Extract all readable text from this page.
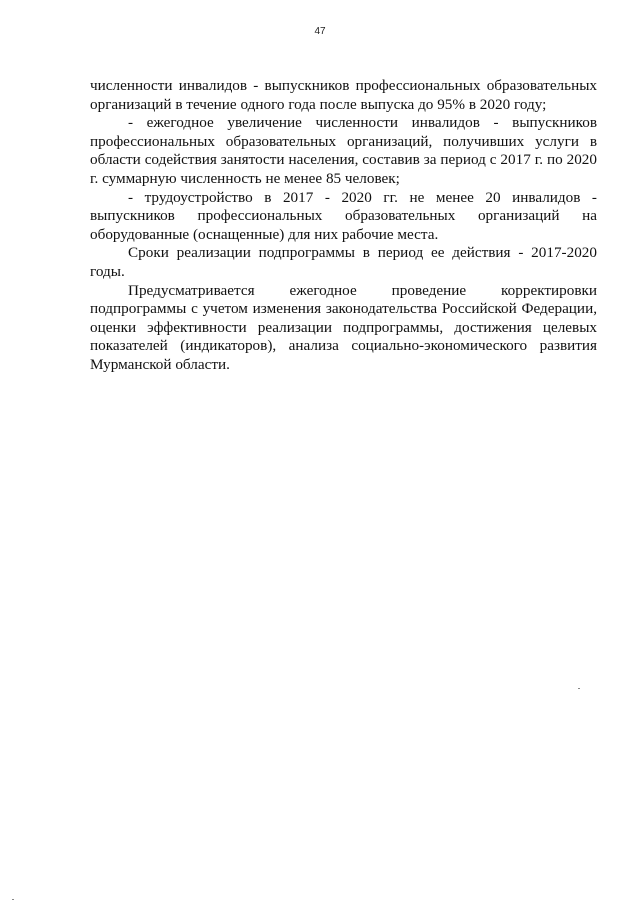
47

численности инвалидов - выпускников профессиональных образовательных организаций в течение одного года после выпуска до 95% в 2020 году;

- ежегодное увеличение численности инвалидов - выпускников профессиональных образовательных организаций, получивших услуги в области содействия занятости населения, составив за период с 2017 г. по 2020 г. суммарную численность не менее 85 человек;

- трудоустройство в 2017 - 2020 гг. не менее 20 инвалидов - выпускников профессиональных образовательных организаций на оборудованные (оснащенные) для них рабочие места.

Сроки реализации подпрограммы в период ее действия - 2017-2020 годы.

Предусматривается ежегодное проведение корректировки подпрограммы с учетом изменения законодательства Российской Федерации, оценки эффективности реализации подпрограммы, достижения целевых показателей (индикаторов), анализа социально-экономического развития Мурманской области.
